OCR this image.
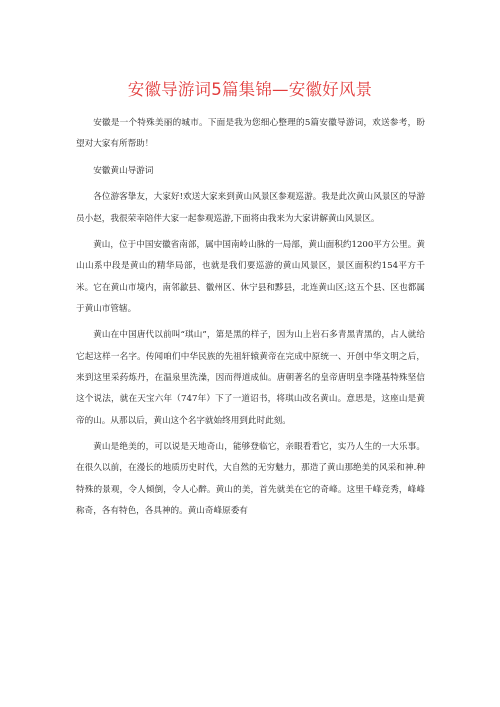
安徽导游词5篇集锦—安徽好风景

安徽是一个特殊美丽的城市。下面是我为您细心整理的5篇安徽导游词，欢送参考，盼望对大家有所帮助！

安徽黄山导游词

各位游客挚友，大家好!欢送大家来到黄山风景区参观巡游。我是此次黄山风景区的导游员小赵，我很荣幸陪伴大家一起参观巡游,下面将由我来为大家讲解黄山风景区。

黄山，位于中国安徽省南部，属中国南岭山脉的一局部，黄山面积约1200平方公里。黄山山系中段是黄山的精华局部，也就是我们要巡游的黄山风景区，景区面积约154平方千米。它在黄山市境内，南邻歙县、徽州区、休宁县和黟县，北连黄山区;这五个县、区也都属于黄山市管辖。

黄山在中国唐代以前叫“琪山”，第是黑的样子，因为山上岩石多青黑青黑的，占人就给它起这样一名字。传闻咱们中华民族的先祖轩辕黄帝在完成中原统一、开创中华文明之后，来到这里采药炼丹，在温泉里洗澡，因而得道成仙。唐朝著名的皇帝唐明皇李隆基特殊坚信这个说法，就在天宝六年（747年）下了一道诏书，将琪山改名黄山。意思是，这座山是黄帝的山。从那以后，黄山这个名字就始终用到此时此刻。

黄山是绝美的，可以说是天地奇山，能够登临它，亲眼看看它，实乃人生的一大乐事。在很久以前，在漫长的地质历史时代，大自然的无穷魅力，那造了黄山那绝美的风采和神.种特殊的景观，令人倾倒，令人心醉。黄山的美，首先就美在它的奇峰。这里千峰竞秀，峰峰称奇，各有特色，各具神的。黄山奇峰原委有
